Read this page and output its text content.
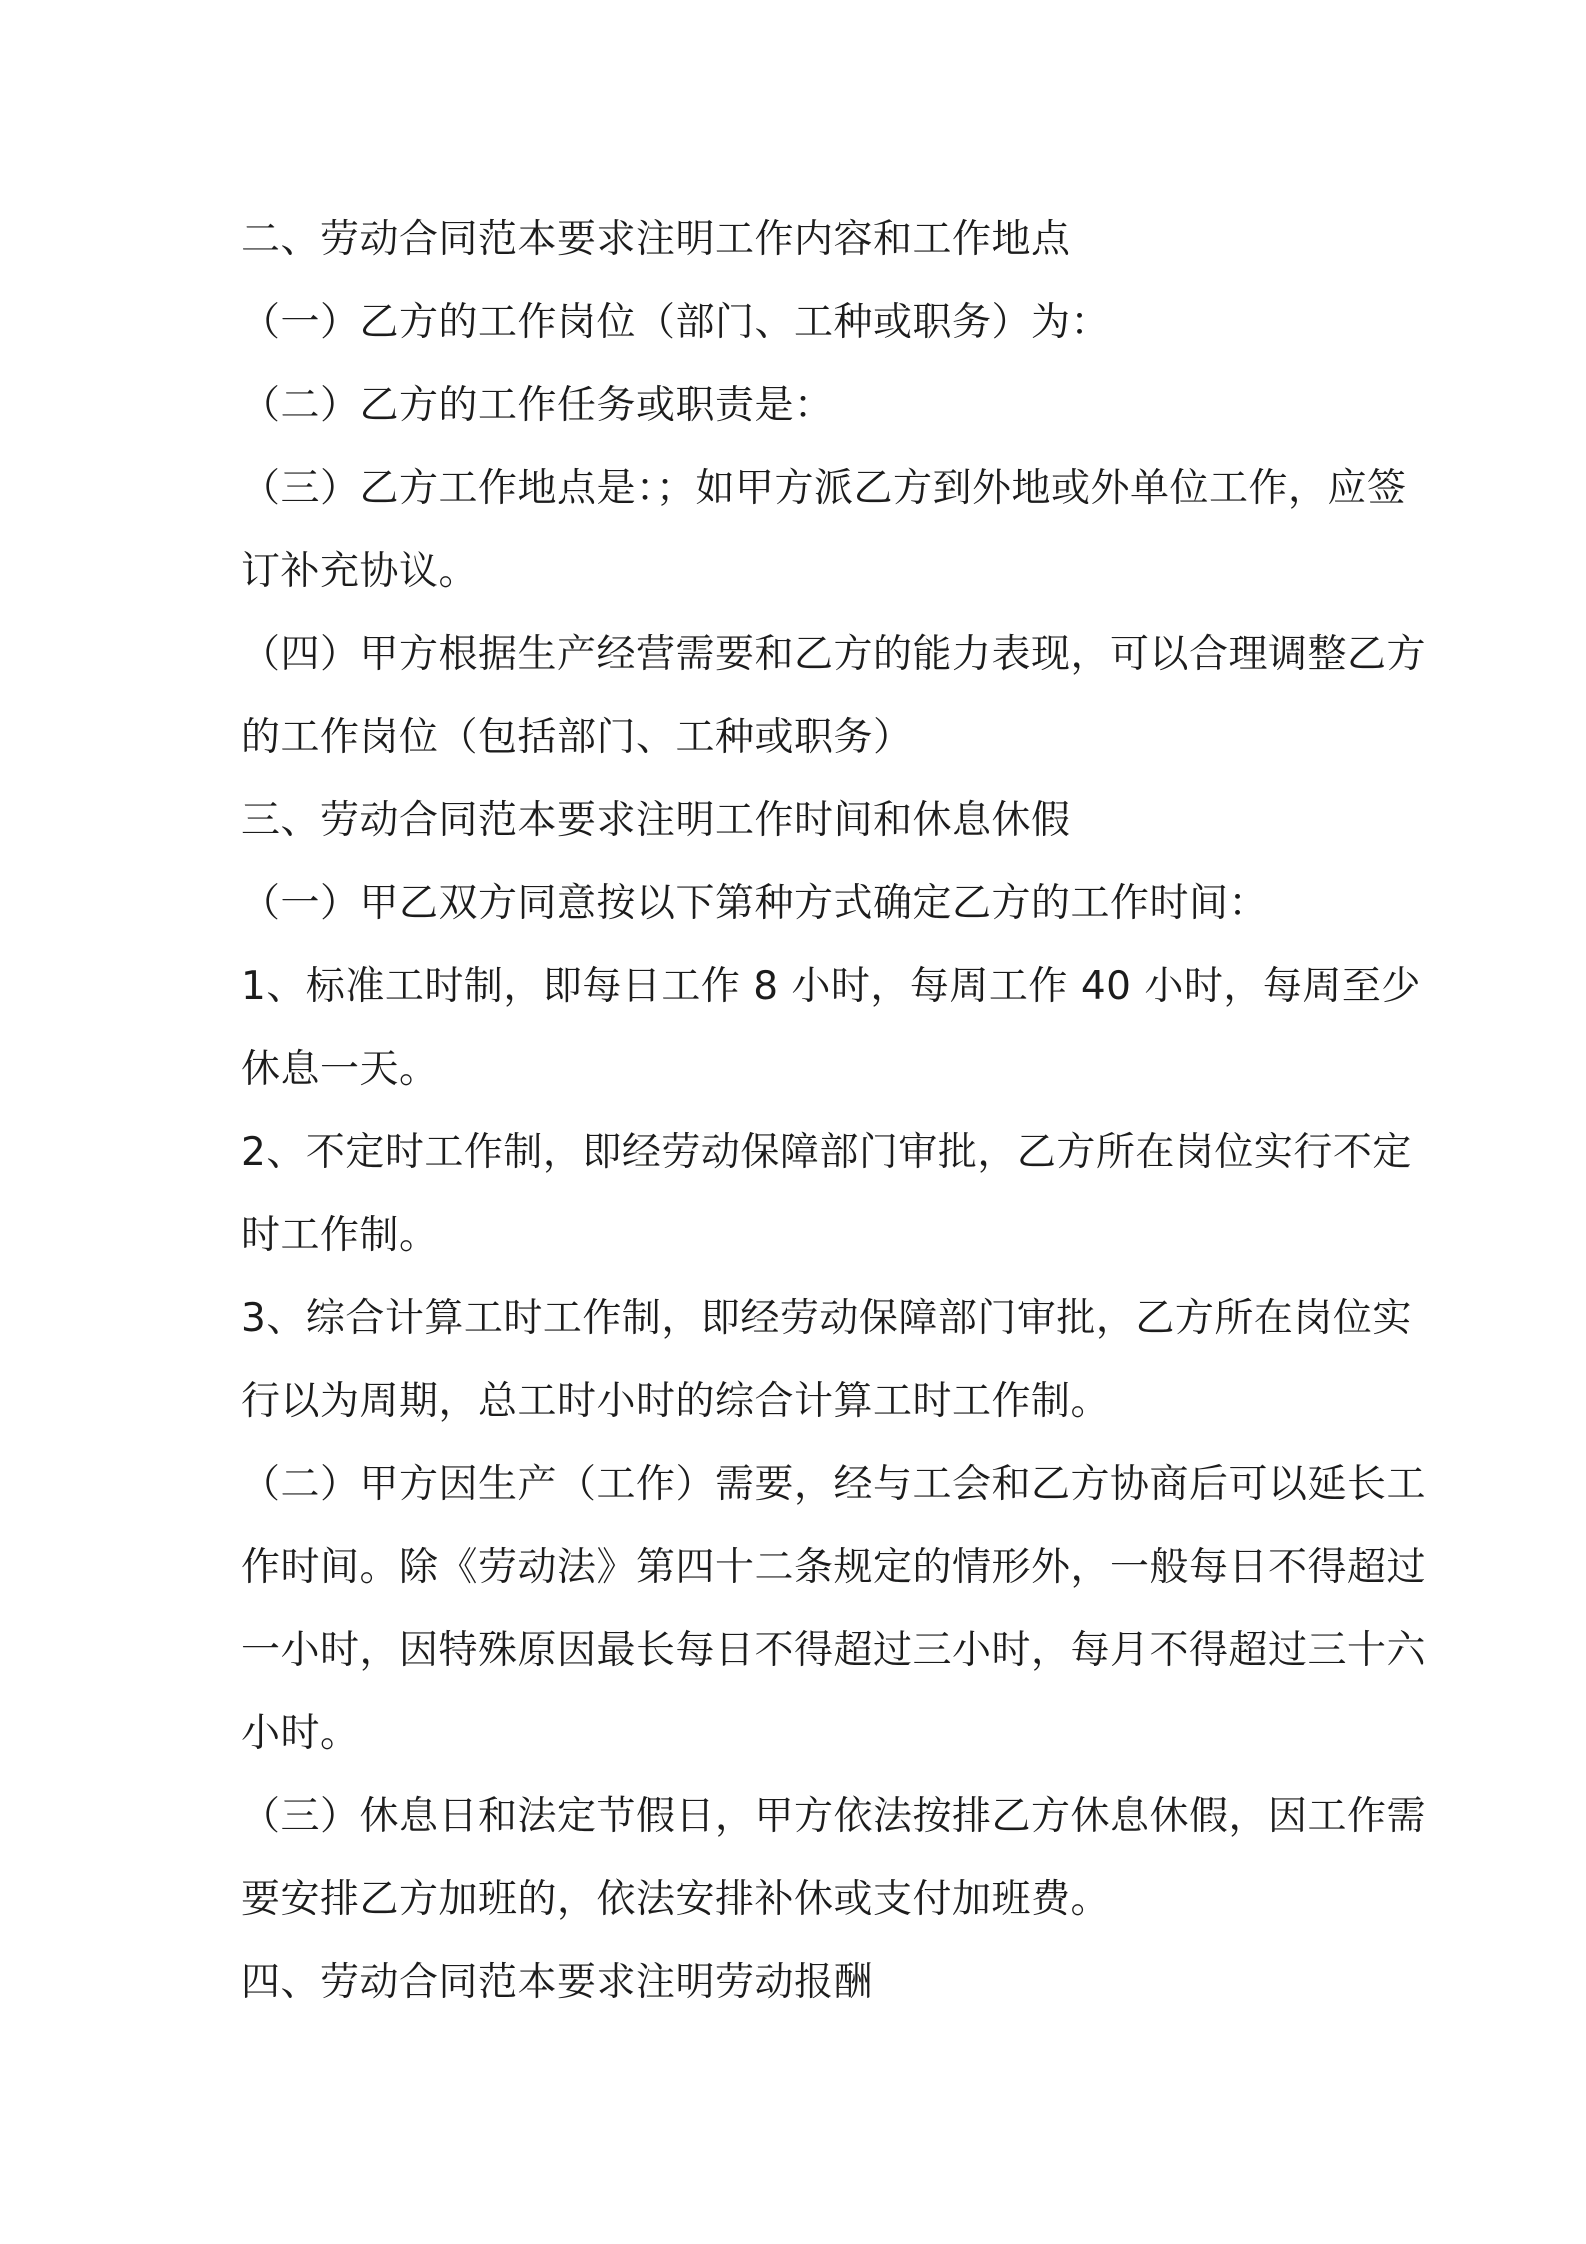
二、劳动合同范本要求注明工作内容和工作地点
（一）乙方的工作岗位（部门、工种或职务）为：
（二）乙方的工作任务或职责是：
（三）乙方工作地点是：；如甲方派乙方到外地或外单位工作，应签
订补充协议。
（四）甲方根据生产经营需要和乙方的能力表现，可以合理调整乙方
的工作岗位（包括部门、工种或职务）
三、劳动合同范本要求注明工作时间和休息休假
（一）甲乙双方同意按以下第种方式确定乙方的工作时间：
1、标准工时制，即每日工作 8 小时，每周工作 40 小时，每周至少
休息一天。
2、不定时工作制，即经劳动保障部门审批，乙方所在岗位实行不定
时工作制。
3、综合计算工时工作制，即经劳动保障部门审批，乙方所在岗位实
行以为周期，总工时小时的综合计算工时工作制。
（二）甲方因生产（工作）需要，经与工会和乙方协商后可以延长工
作时间。除《劳动法》第四十二条规定的情形外，一般每日不得超过
一小时，因特殊原因最长每日不得超过三小时，每月不得超过三十六
小时。
（三）休息日和法定节假日，甲方依法按排乙方休息休假，因工作需
要安排乙方加班的，依法安排补休或支付加班费。
四、劳动合同范本要求注明劳动报酬
